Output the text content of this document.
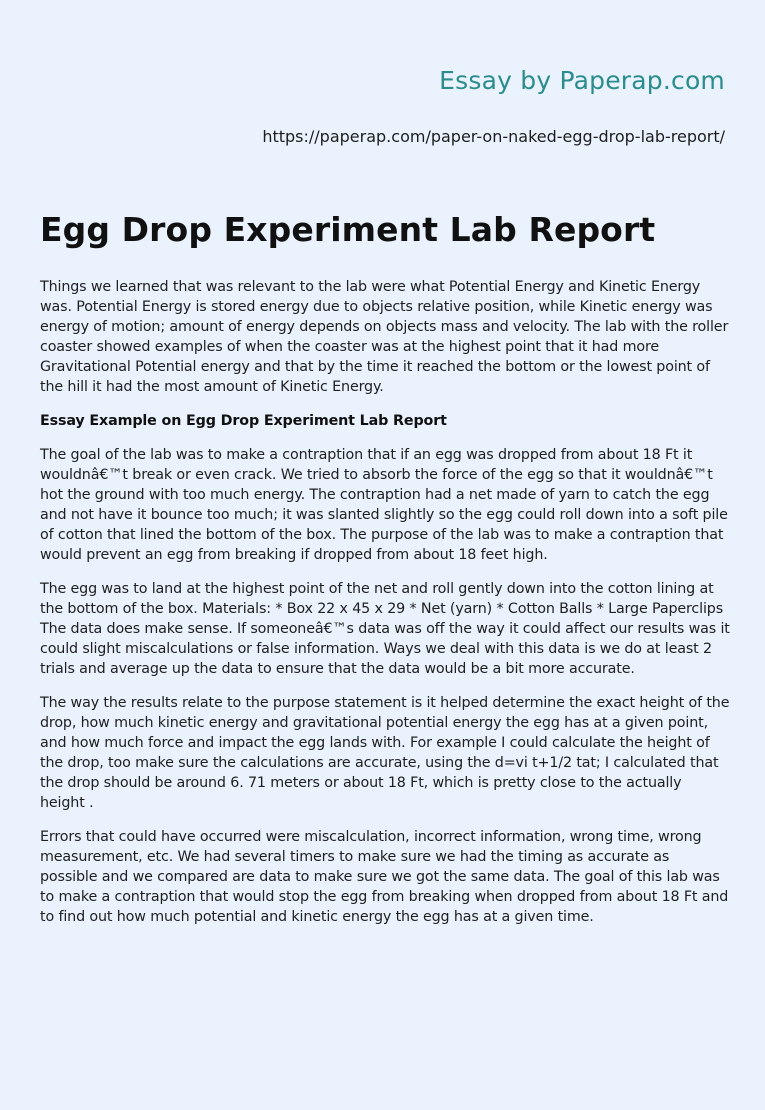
Essay by Paperap.com
https://paperap.com/paper-on-naked-egg-drop-lab-report/
Egg Drop Experiment Lab Report

Things we learned that was relevant to the lab were what Potential Energy and Kinetic Energy was. Potential Energy is stored energy due to objects relative position, while Kinetic energy was energy of motion; amount of energy depends on objects mass and velocity. The lab with the roller coaster showed examples of when the coaster was at the highest point that it had more Gravitational Potential energy and that by the time it reached the bottom or the lowest point of the hill it had the most amount of Kinetic Energy.

Essay Example on Egg Drop Experiment Lab Report

The goal of the lab was to make a contraption that if an egg was dropped from about 18 Ft it wouldnâ€™t break or even crack. We tried to absorb the force of the egg so that it wouldnâ€™t hot the ground with too much energy. The contraption had a net made of yarn to catch the egg and not have it bounce too much; it was slanted slightly so the egg could roll down into a soft pile of cotton that lined the bottom of the box. The purpose of the lab was to make a contraption that would prevent an egg from breaking if dropped from about 18 feet high.

The egg was to land at the highest point of the net and roll gently down into the cotton lining at the bottom of the box. Materials: * Box 22 x 45 x 29 * Net (yarn) * Cotton Balls * Large Paperclips The data does make sense. If someoneâ€™s data was off the way it could affect our results was it could slight miscalculations or false information. Ways we deal with this data is we do at least 2 trials and average up the data to ensure that the data would be a bit more accurate.

The way the results relate to the purpose statement is it helped determine the exact height of the drop, how much kinetic energy and gravitational potential energy the egg has at a given point, and how much force and impact the egg lands with. For example I could calculate the height of the drop, too make sure the calculations are accurate, using the d=vi t+1/2 tat; I calculated that the drop should be around 6. 71 meters or about 18 Ft, which is pretty close to the actually height .

Errors that could have occurred were miscalculation, incorrect information, wrong time, wrong measurement, etc. We had several timers to make sure we had the timing as accurate as possible and we compared are data to make sure we got the same data. The goal of this lab was to make a contraption that would stop the egg from breaking when dropped from about 18 Ft and to find out how much potential and kinetic energy the egg has at a given time.
